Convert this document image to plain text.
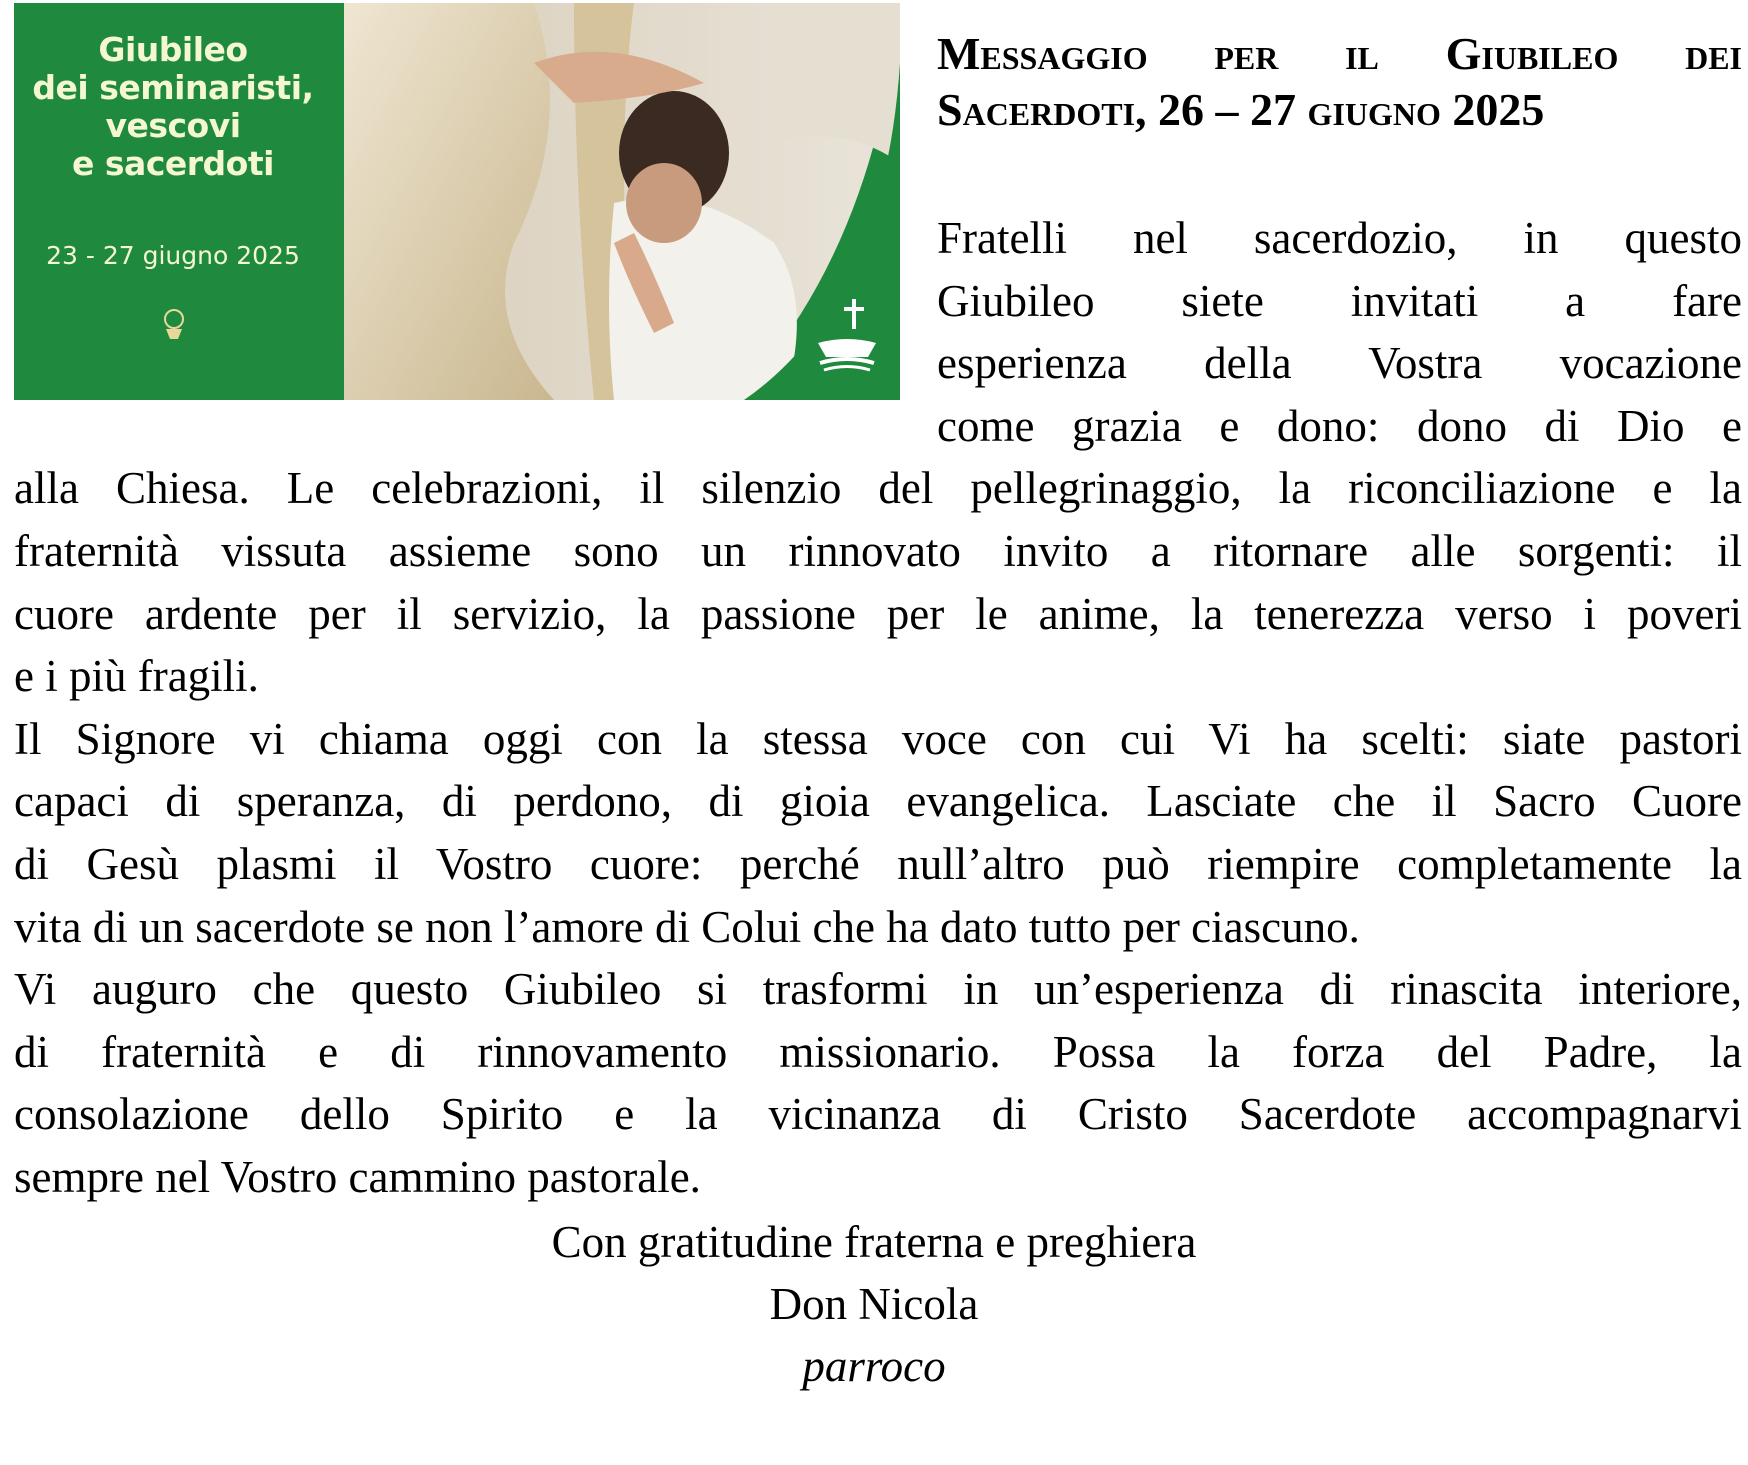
Giubileo
dei seminaristi,
vescovi
e sacerdoti
23 - 27 giugno 2025
Messaggio per il Giubileo dei
Sacerdoti, 26 – 27 giugno 2025
Fratelli nel sacerdozio, in questo
Giubileo siete invitati a fare
esperienza della Vostra vocazione
come grazia e dono: dono di Dio e
alla Chiesa. Le celebrazioni, il silenzio del pellegrinaggio, la riconciliazione e la
fraternità vissuta assieme sono un rinnovato invito a ritornare alle sorgenti: il
cuore ardente per il servizio, la passione per le anime, la tenerezza verso i poveri
e i più fragili.
Il Signore vi chiama oggi con la stessa voce con cui Vi ha scelti: siate pastori
capaci di speranza, di perdono, di gioia evangelica. Lasciate che il Sacro Cuore
di Gesù plasmi il Vostro cuore: perché null’altro può riempire completamente la
vita di un sacerdote se non l’amore di Colui che ha dato tutto per ciascuno.
Vi auguro che questo Giubileo si trasformi in un’esperienza di rinascita interiore,
di fraternità e di rinnovamento missionario. Possa la forza del Padre, la
consolazione dello Spirito e la vicinanza di Cristo Sacerdote accompagnarvi
sempre nel Vostro cammino pastorale.
Con gratitudine fraterna e preghiera
Don Nicola
parroco
